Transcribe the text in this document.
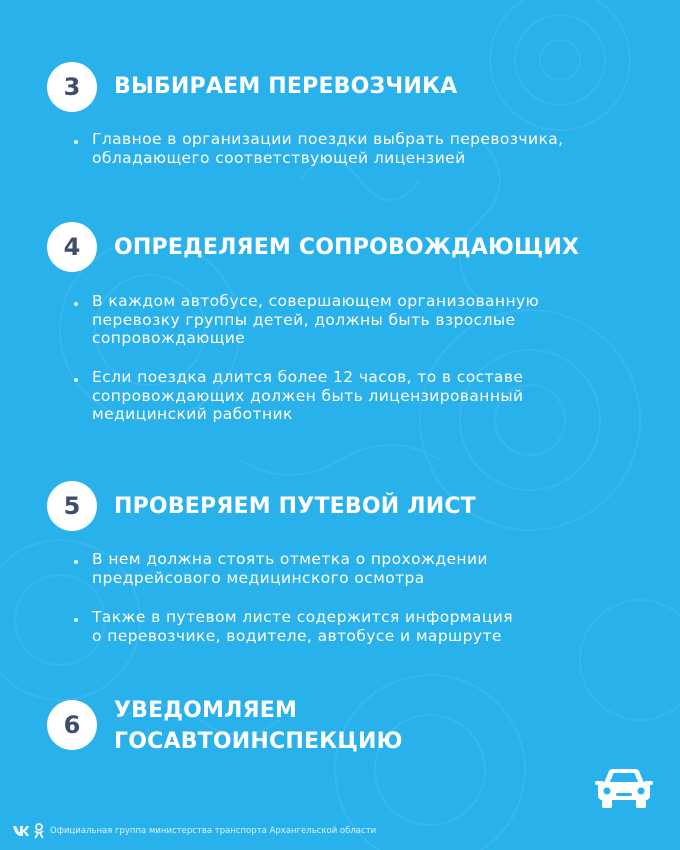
3	ВЫБИРАЕМ ПЕРЕВОЗЧИКА

Главное в организации поездки выбрать перевозчика,
обладающего соответствующей лицензией

4	ОПРЕДЕЛЯЕМ СОПРОВОЖДАЮЩИХ

В каждом автобусе, совершающем организованную
перевозку группы детей, должны быть взрослые
сопровождающие

Если поездка длится более 12 часов, то в составе
сопровождающих должен быть лицензированный
медицинский работник

5	ПРОВЕРЯЕМ ПУТЕВОЙ ЛИСТ

В нем должна стоять отметка о прохождении
предрейсового медицинского осмотра

Также в путевом листе содержится информация
о перевозчике, водителе, автобусе и маршруте

6
УВЕДОМЛЯЕМ
ГОСАВТОИНСПЕКЦИЮ
Официальная группа министерства транспорта Архангельской области
